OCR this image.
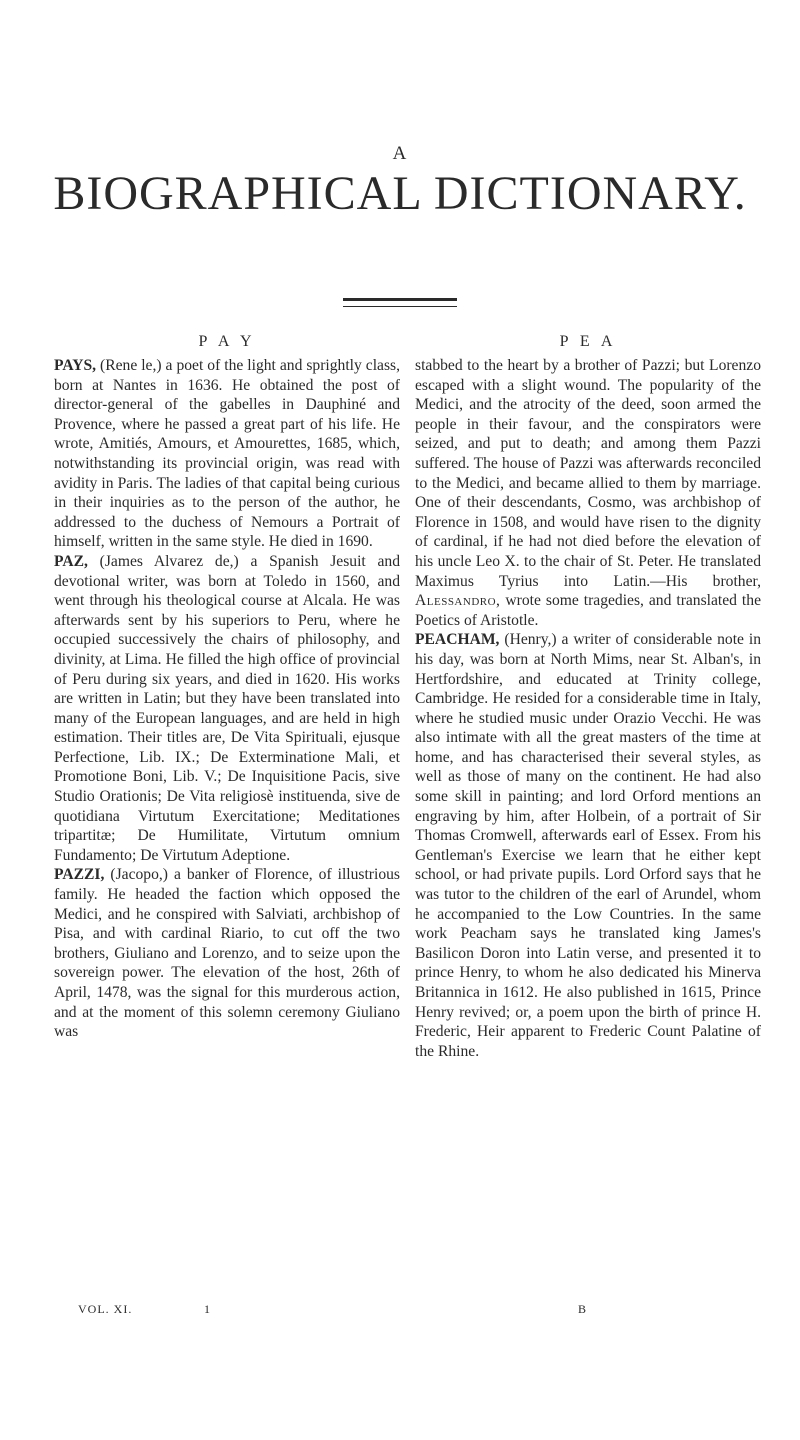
A
BIOGRAPHICAL DICTIONARY.
P A Y

PAYS, (Rene le,) a poet of the light and sprightly class, born at Nantes in 1636. He obtained the post of director-general of the gabelles in Dauphiné and Provence, where he passed a great part of his life. He wrote, Amitiés, Amours, et Amourettes, 1685, which, notwithstanding its provincial origin, was read with avidity in Paris. The ladies of that capital being curious in their inquiries as to the person of the author, he addressed to the duchess of Nemours a Portrait of himself, written in the same style. He died in 1690.

PAZ, (James Alvarez de,) a Spanish Jesuit and devotional writer, was born at Toledo in 1560, and went through his theological course at Alcala. He was afterwards sent by his superiors to Peru, where he occupied successively the chairs of philosophy, and divinity, at Lima. He filled the high office of provincial of Peru during six years, and died in 1620. His works are written in Latin; but they have been translated into many of the European languages, and are held in high estimation. Their titles are, De Vita Spirituali, ejusque Perfectione, Lib. IX.; De Exterminatione Mali, et Promotione Boni, Lib. V.; De Inquisitione Pacis, sive Studio Orationis; De Vita religiosè instituenda, sive de quotidiana Virtutum Exercitatione; Meditationes tripartitæ; De Humilitate, Virtutum omnium Fundamento; De Virtutum Adeptione.

PAZZI, (Jacopo,) a banker of Florence, of illustrious family. He headed the faction which opposed the Medici, and he conspired with Salviati, archbishop of Pisa, and with cardinal Riario, to cut off the two brothers, Giuliano and Lorenzo, and to seize upon the sovereign power. The elevation of the host, 26th of April, 1478, was the signal for this murderous action, and at the moment of this solemn ceremony Giuliano was

P E A

stabbed to the heart by a brother of Pazzi; but Lorenzo escaped with a slight wound. The popularity of the Medici, and the atrocity of the deed, soon armed the people in their favour, and the conspirators were seized, and put to death; and among them Pazzi suffered. The house of Pazzi was afterwards reconciled to the Medici, and became allied to them by marriage. One of their descendants, Cosmo, was archbishop of Florence in 1508, and would have risen to the dignity of cardinal, if he had not died before the elevation of his uncle Leo X. to the chair of St. Peter. He translated Maximus Tyrius into Latin.—His brother, Alessandro, wrote some tragedies, and translated the Poetics of Aristotle.

PEACHAM, (Henry,) a writer of considerable note in his day, was born at North Mims, near St. Alban's, in Hertfordshire, and educated at Trinity college, Cambridge. He resided for a considerable time in Italy, where he studied music under Orazio Vecchi. He was also intimate with all the great masters of the time at home, and has characterised their several styles, as well as those of many on the continent. He had also some skill in painting; and lord Orford mentions an engraving by him, after Holbein, of a portrait of Sir Thomas Cromwell, afterwards earl of Essex. From his Gentleman's Exercise we learn that he either kept school, or had private pupils. Lord Orford says that he was tutor to the children of the earl of Arundel, whom he accompanied to the Low Countries. In the same work Peacham says he translated king James's Basilicon Doron into Latin verse, and presented it to prince Henry, to whom he also dedicated his Minerva Britannica in 1612. He also published in 1615, Prince Henry revived; or, a poem upon the birth of prince H. Frederic, Heir apparent to Frederic Count Palatine of the Rhine.

VOL. XI.	1	B
